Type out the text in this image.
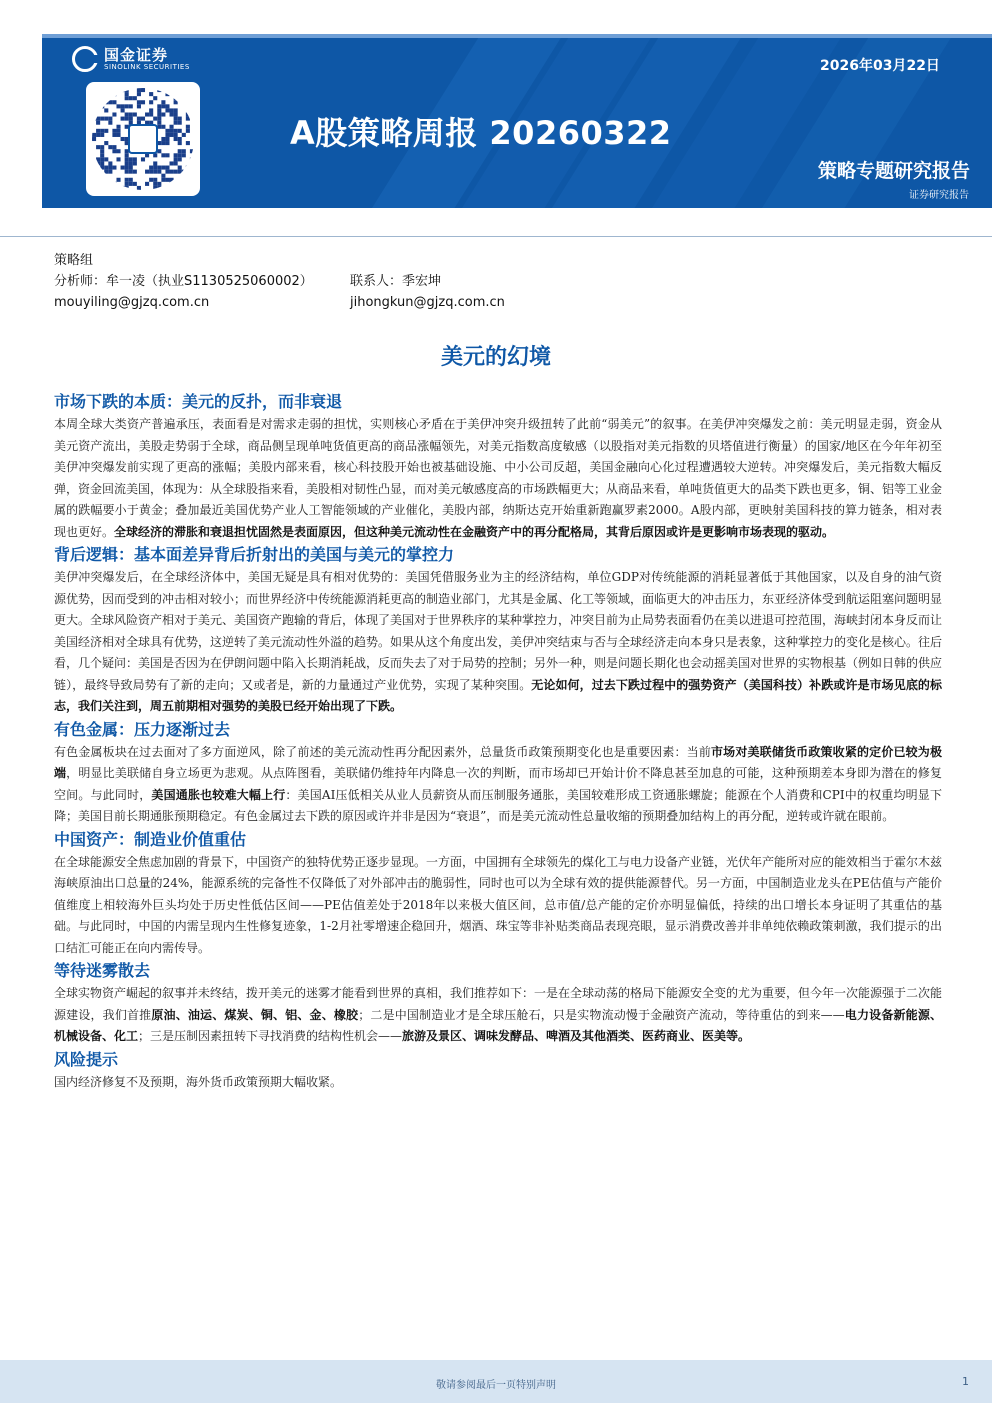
国金证券
SINOLINK SECURITIES	2026年03月22日
A股策略周报 20260322
策略专题研究报告
证券研究报告
策略组
分析师：牟一凌（执业S1130525060002）	联系人：季宏坤
mouyiling@gjzq.com.cn	jihongkun@gjzq.com.cn
美元的幻境
市场下跌的本质：美元的反扑，而非衰退
本周全球大类资产普遍承压，表面看是对需求走弱的担忧，实则核心矛盾在于美伊冲突升级扭转了此前“弱美元”的叙事。在美伊冲突爆发之前：美元明显走弱，资金从美元资产流出，美股走势弱于全球，商品侧呈现单吨货值更高的商品涨幅领先，对美元指数高度敏感（以股指对美元指数的贝塔值进行衡量）的国家/地区在今年年初至美伊冲突爆发前实现了更高的涨幅；美股内部来看，核心科技股开始也被基础设施、中小公司反超，美国金融向心化过程遭遇较大逆转。冲突爆发后，美元指数大幅反弹，资金回流美国，体现为：从全球股指来看，美股相对韧性凸显，而对美元敏感度高的市场跌幅更大；从商品来看，单吨货值更大的品类下跌也更多，铜、铝等工业金属的跌幅要小于黄金；叠加最近美国优势产业人工智能领域的产业催化，美股内部，纳斯达克开始重新跑赢罗素2000。A股内部，更映射美国科技的算力链条，相对表现也更好。全球经济的滞胀和衰退担忧固然是表面原因，但这种美元流动性在金融资产中的再分配格局，其背后原因或许是更影响市场表现的驱动。
背后逻辑：基本面差异背后折射出的美国与美元的掌控力
美伊冲突爆发后，在全球经济体中，美国无疑是具有相对优势的：美国凭借服务业为主的经济结构，单位GDP对传统能源的消耗显著低于其他国家，以及自身的油气资源优势，因而受到的冲击相对较小；而世界经济中传统能源消耗更高的制造业部门，尤其是金属、化工等领域，面临更大的冲击压力，东亚经济体受到航运阻塞问题明显更大。全球风险资产相对于美元、美国资产跑输的背后，体现了美国对于世界秩序的某种掌控力，冲突目前为止局势表面看仍在美以进退可控范围，海峡封闭本身反而让美国经济相对全球具有优势，这逆转了美元流动性外溢的趋势。如果从这个角度出发，美伊冲突结束与否与全球经济走向本身只是表象，这种掌控力的变化是核心。往后看，几个疑问：美国是否因为在伊朗问题中陷入长期消耗战，反而失去了对于局势的控制；另外一种，则是问题长期化也会动摇美国对世界的实物根基（例如日韩的供应链），最终导致局势有了新的走向；又或者是，新的力量通过产业优势，实现了某种突围。无论如何，过去下跌过程中的强势资产（美国科技）补跌或许是市场见底的标志，我们关注到，周五前期相对强势的美股已经开始出现了下跌。
有色金属：压力逐渐过去
有色金属板块在过去面对了多方面逆风，除了前述的美元流动性再分配因素外，总量货币政策预期变化也是重要因素：当前市场对美联储货币政策收紧的定价已较为极端，明显比美联储自身立场更为悲观。从点阵图看，美联储仍维持年内降息一次的判断，而市场却已开始计价不降息甚至加息的可能，这种预期差本身即为潜在的修复空间。与此同时，美国通胀也较难大幅上行：美国AI压低相关从业人员薪资从而压制服务通胀，美国较难形成工资通胀螺旋；能源在个人消费和CPI中的权重均明显下降；美国目前长期通胀预期稳定。有色金属过去下跌的原因或许并非是因为“衰退”，而是美元流动性总量收缩的预期叠加结构上的再分配，逆转或许就在眼前。
中国资产：制造业价值重估
在全球能源安全焦虑加剧的背景下，中国资产的独特优势正逐步显现。一方面，中国拥有全球领先的煤化工与电力设备产业链，光伏年产能所对应的能效相当于霍尔木兹海峡原油出口总量的24%，能源系统的完备性不仅降低了对外部冲击的脆弱性，同时也可以为全球有效的提供能源替代。另一方面，中国制造业龙头在PE估值与产能价值维度上相较海外巨头均处于历史性低估区间——PE估值差处于2018年以来极大值区间，总市值/总产能的定价亦明显偏低，持续的出口增长本身证明了其重估的基础。与此同时，中国的内需呈现内生性修复迹象，1-2月社零增速企稳回升，烟酒、珠宝等非补贴类商品表现亮眼，显示消费改善并非单纯依赖政策刺激，我们提示的出口结汇可能正在向内需传导。
等待迷雾散去
全球实物资产崛起的叙事并未终结，拨开美元的迷雾才能看到世界的真相，我们推荐如下：一是在全球动荡的格局下能源安全变的尤为重要，但今年一次能源强于二次能源建设，我们首推原油、油运、煤炭、铜、铝、金、橡胶；二是中国制造业才是全球压舱石，只是实物流动慢于金融资产流动，等待重估的到来——电力设备新能源、机械设备、化工；三是压制因素扭转下寻找消费的结构性机会——旅游及景区、调味发酵品、啤酒及其他酒类、医药商业、医美等。
风险提示
国内经济修复不及预期，海外货币政策预期大幅收紧。
敬请参阅最后一页特别声明	1
